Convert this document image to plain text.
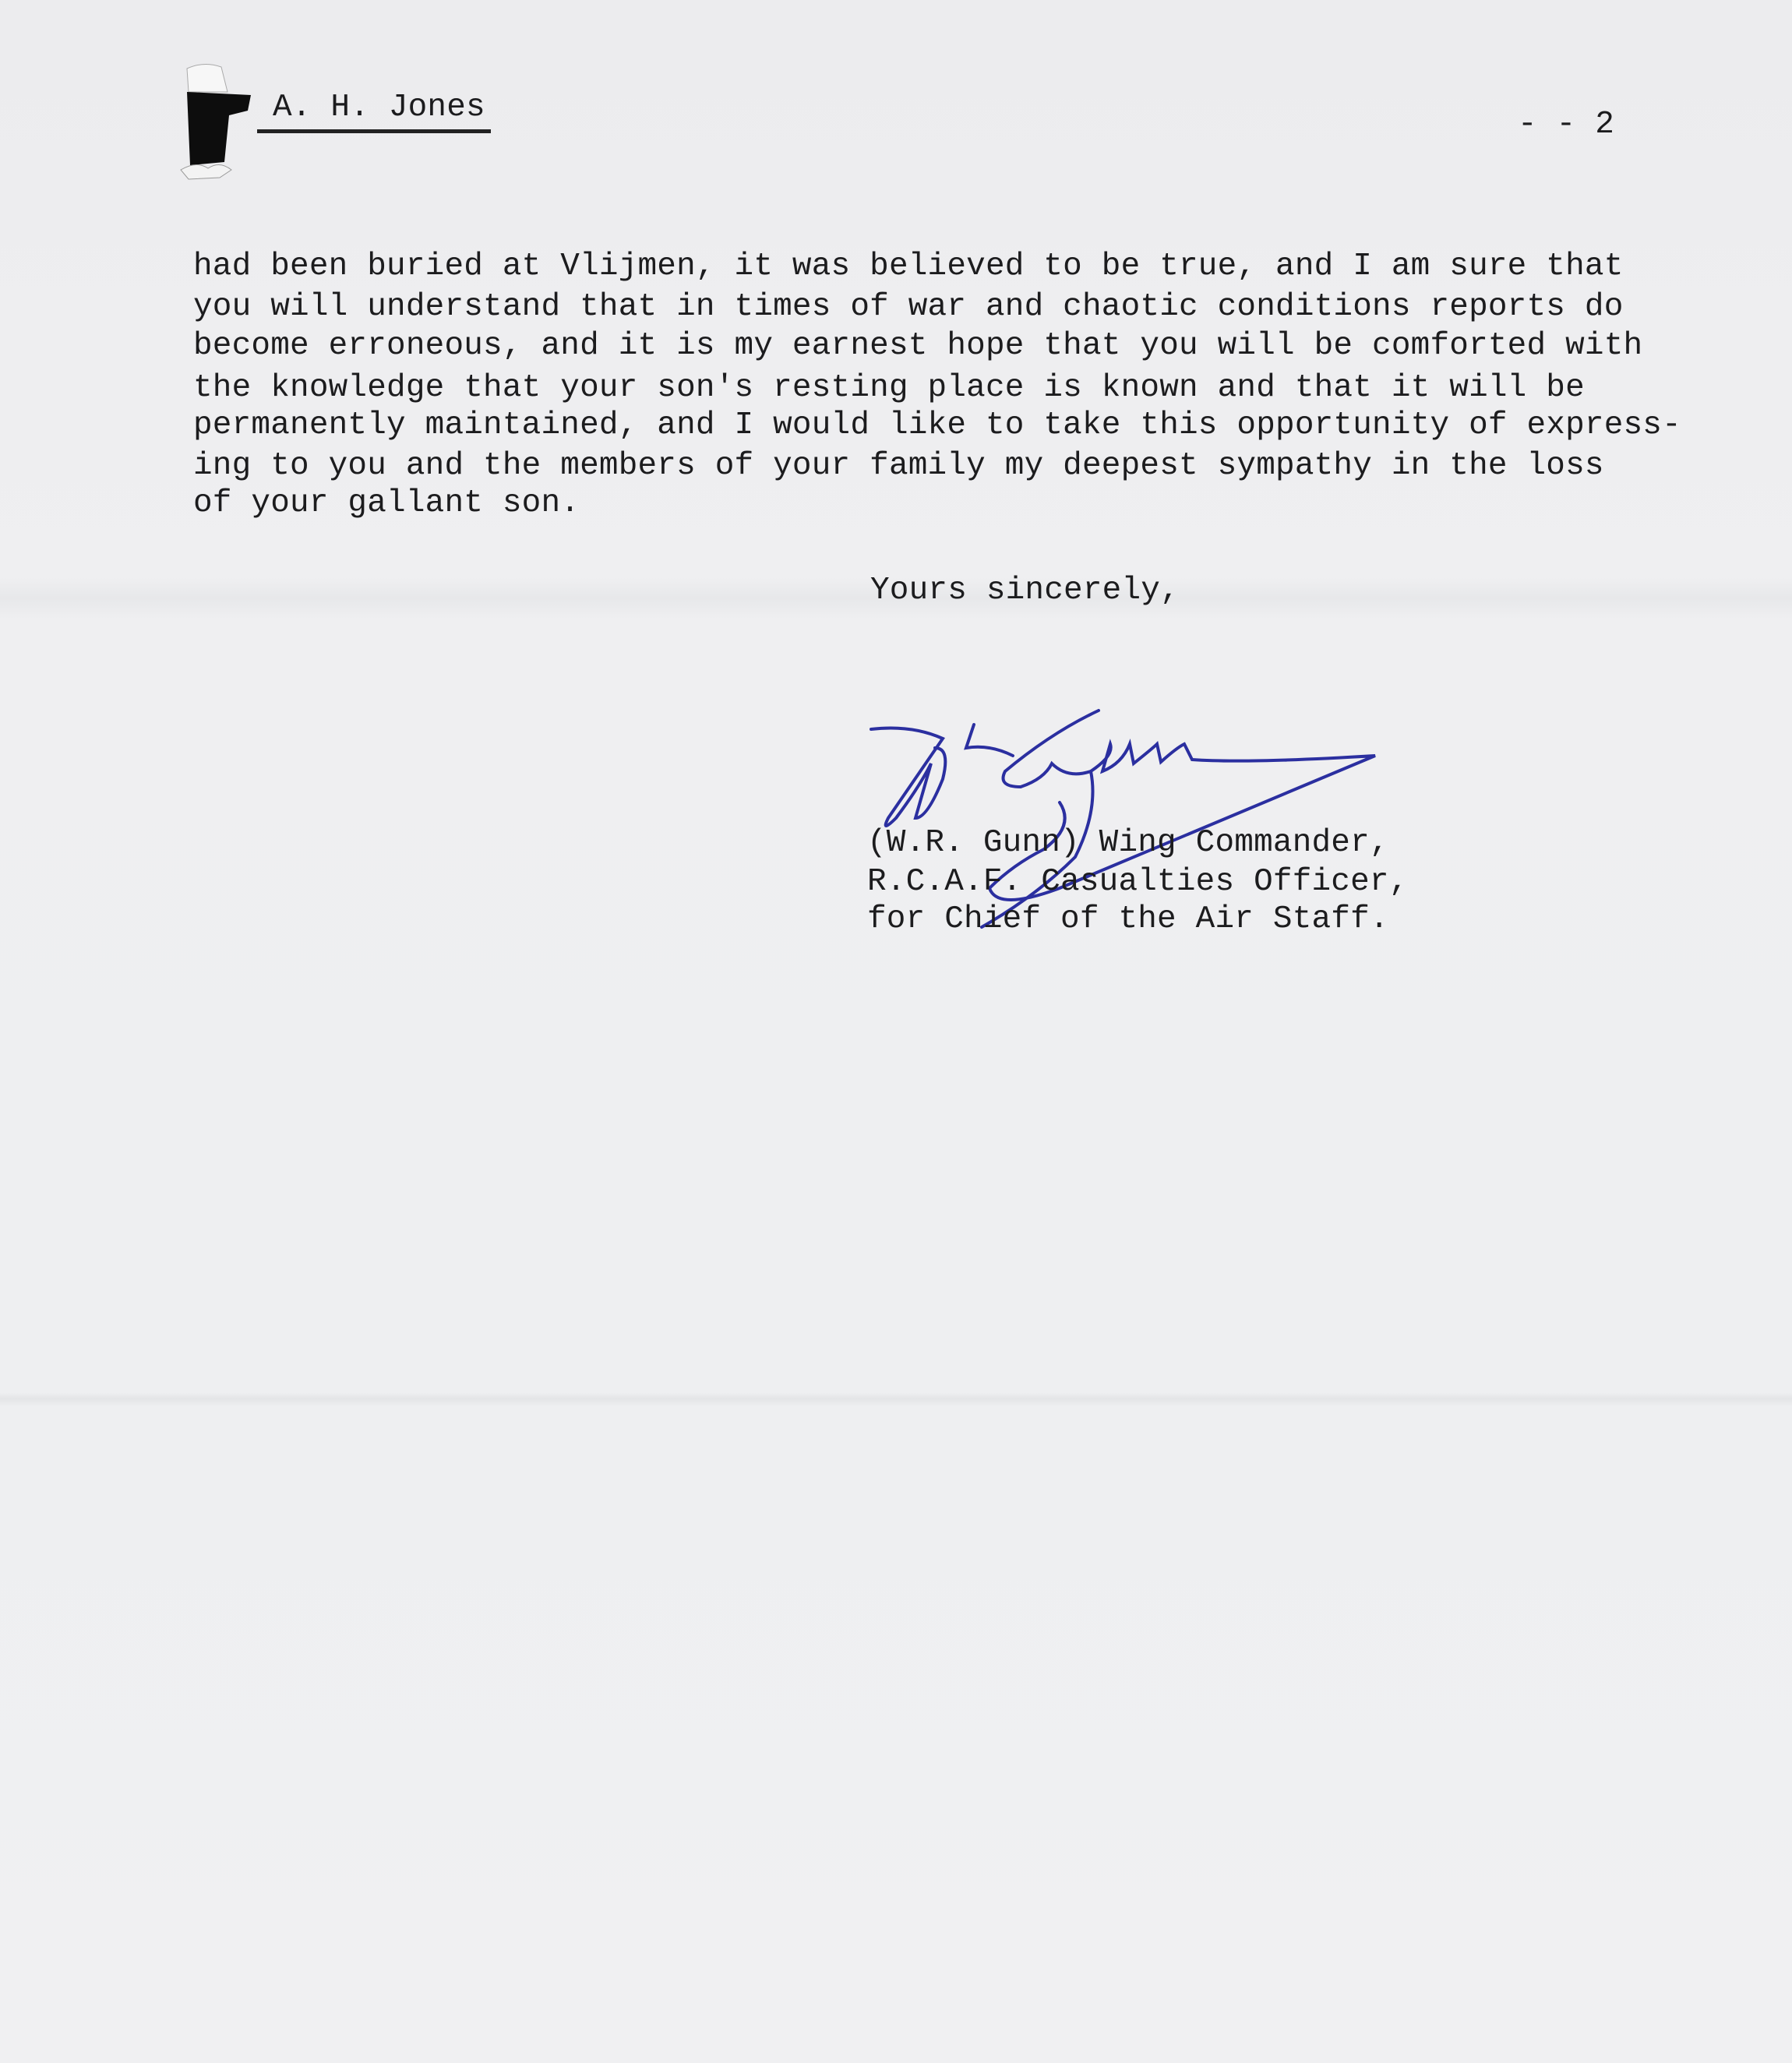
A. H. Jones	- - 2
had been buried at Vlijmen, it was believed to be true, and I am sure that
you will understand that in times of war and chaotic conditions reports do
become erroneous, and it is my earnest hope that you will be comforted with
the knowledge that your son's resting place is known and that it will be
permanently maintained, and I would like to take this opportunity of express-
ing to you and the members of your family my deepest sympathy in the loss
of your gallant son.
Yours sincerely,
(W.R. Gunn) Wing Commander,
R.C.A.F. Casualties Officer,
for Chief of the Air Staff.
